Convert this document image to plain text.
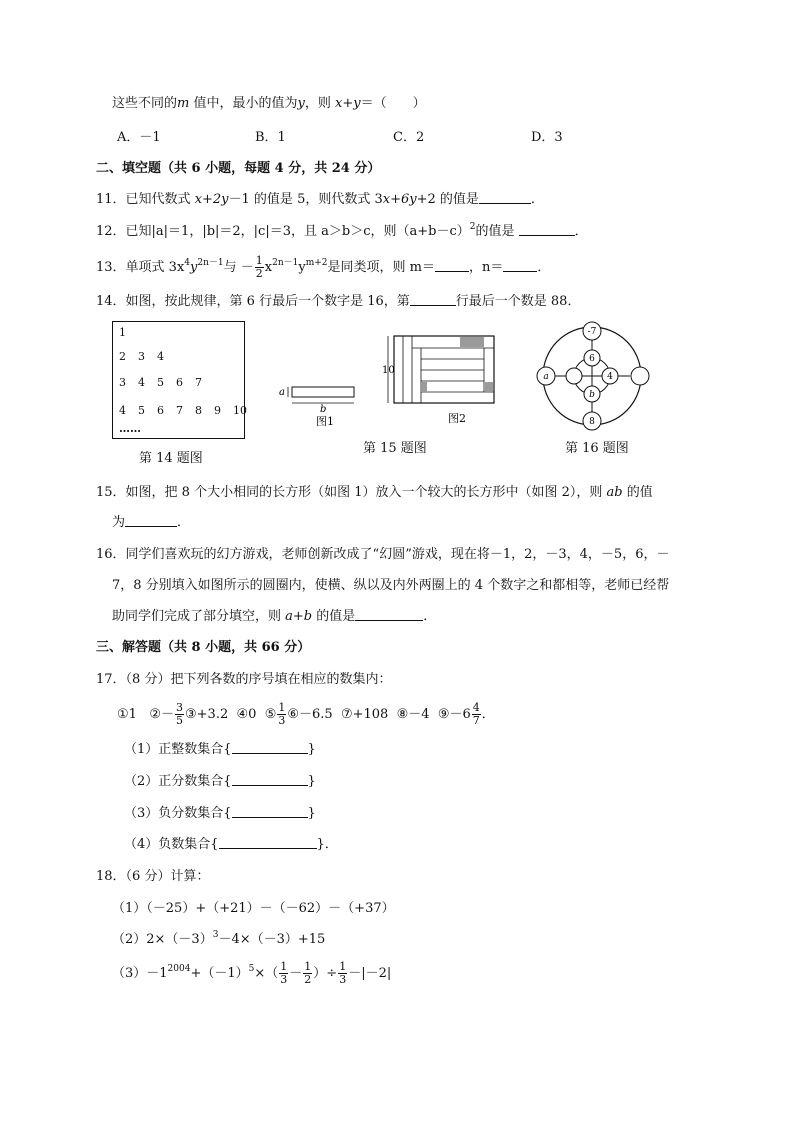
这些不同的m 值中，最小的值为y，则 x+y＝（　　）
A．－1	B．1	C．2	D．3
二、填空题（共 6 小题，每题 4 分，共 24 分）
11．已知代数式 x+2y－1 的值是 5，则代数式 3x+6y+2 的值是	．
12．已知|a|＝1，|b|＝2，|c|＝3，且 a＞b＞c，则$(a+b-c)^2$的值是	．
13．单项式 $3x^4y^{2n-1}$与 － $\frac{1}{2} x^{2n-1}y^{m+2}$是同类项，则 m＝	，n＝	．
14．如图，按此规律，第 6 行最后一个数字是 16，第	行最后一个数是 88．
1
2 3 4
3 4 5 6 7
4 5 6 7 8 9 10
……
第 14 题图
a
b
图1
10
图2
第 15 题图
-7
6
a	4
b
8
第 16 题图
15．如图，把 8 个大小相同的长方形（如图 1）放入一个较大的长方形中（如图 2），则 ab 的值
为	．
16．同学们喜欢玩的幻方游戏，老师创新改成了“幻圆”游戏，现在将－1，2，－3，4，－5，6，－
7，8 分别填入如图所示的圆圈内，使横、纵以及内外两圈上的 4 个数字之和都相等，老师已经帮
助同学们完成了部分填空，则 a+b 的值是	．
三、解答题（共 8 小题，共 66 分）
17．（8 分）把下列各数的序号填在相应的数集内：
①1 ②－ $\frac{3}{5}$ ③+3.2 ④0 ⑤ $\frac{1}{3}$ ⑥－6.5 ⑦+108 ⑧－4 ⑨－6 $\frac{4}{7}$ ．
（1）正整数集合{	}
（2）正分数集合{	}
（3）负分数集合{	}
（4）负数集合{	}．
18．（6 分）计算：
（1）（－25）+（+21）－（－62）－（+37）
$(2)2\times(-3)^3-4\times(-3)+15$
$(3)-1^{2004}+(-1)^5\times( \frac{1}{3} - \frac{1}{2}$ ）÷ $\frac{1}{3} -|-2|$
